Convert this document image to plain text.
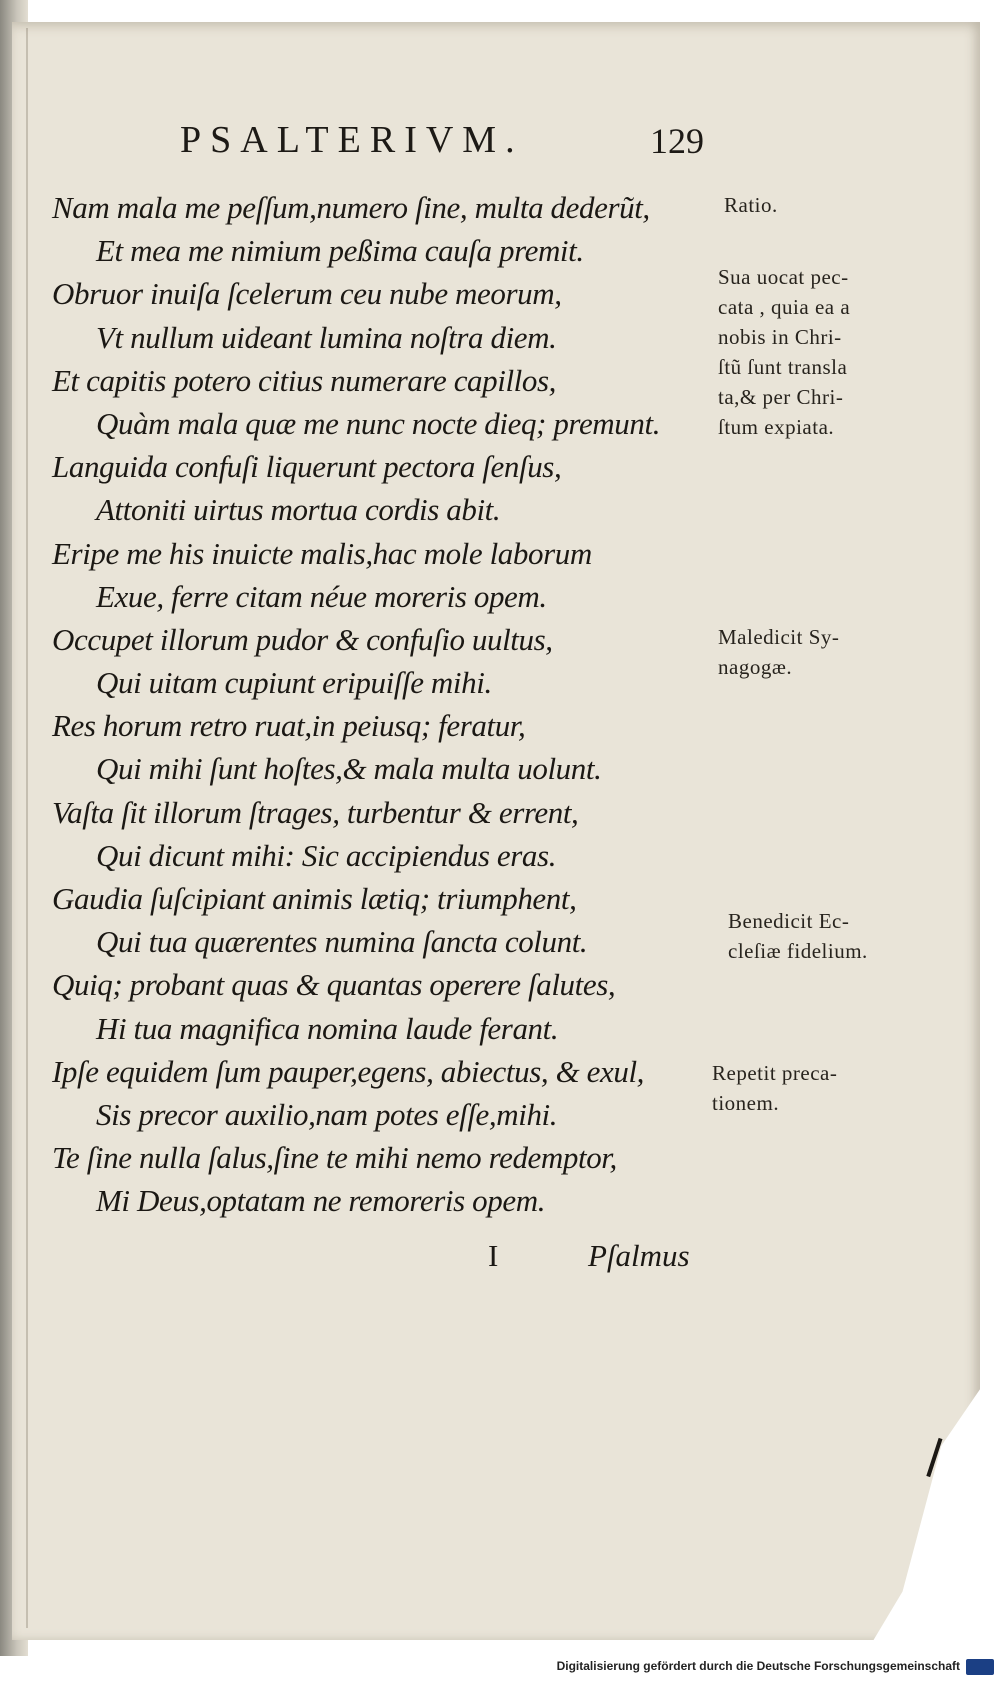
PSALTERIVM.	129
Nam mala me peſſum,numero ſine, multa dederũt,
Et mea me nimium peßima cauſa premit.
Obruor inuiſa ſcelerum ceu nube meorum,
Vt nullum uideant lumina noſtra diem.
Et capitis potero citius numerare capillos,
Quàm mala quæ me nunc nocte dieq; premunt.
Languida confuſi liquerunt pectora ſenſus,
Attoniti uirtus mortua cordis abit.
Eripe me his inuicte malis,hac mole laborum
Exue, ferre citam néue moreris opem.
Occupet illorum pudor & confuſio uultus,
Qui uitam cupiunt eripuiſſe mihi.
Res horum retro ruat,in peiusq; feratur,
Qui mihi ſunt hoſtes,& mala multa uolunt.
Vaſta ſit illorum ſtrages, turbentur & errent,
Qui dicunt mihi: Sic accipiendus eras.
Gaudia ſuſcipiant animis lætiq; triumphent,
Qui tua quærentes numina ſancta colunt.
Quiq; probant quas & quantas operere ſalutes,
Hi tua magnifica nomina laude ferant.
Ipſe equidem ſum pauper,egens, abiectus, & exul,
Sis precor auxilio,nam potes eſſe,mihi.
Te ſine nulla ſalus,ſine te mihi nemo redemptor,
Mi Deus,optatam ne remoreris opem.
Ratio.
Sua uocat pec-
cata , quia ea a
nobis in Chri-
ſtũ ſunt transla
ta,& per Chri-
ſtum expiata.
Maledicit Sy-
nagogæ.
Benedicit Ec-
cleſiæ fidelium.
Repetit preca-
tionem.
I	Pſalmus
Digitalisierung gefördert durch die Deutsche Forschungsgemeinschaft
